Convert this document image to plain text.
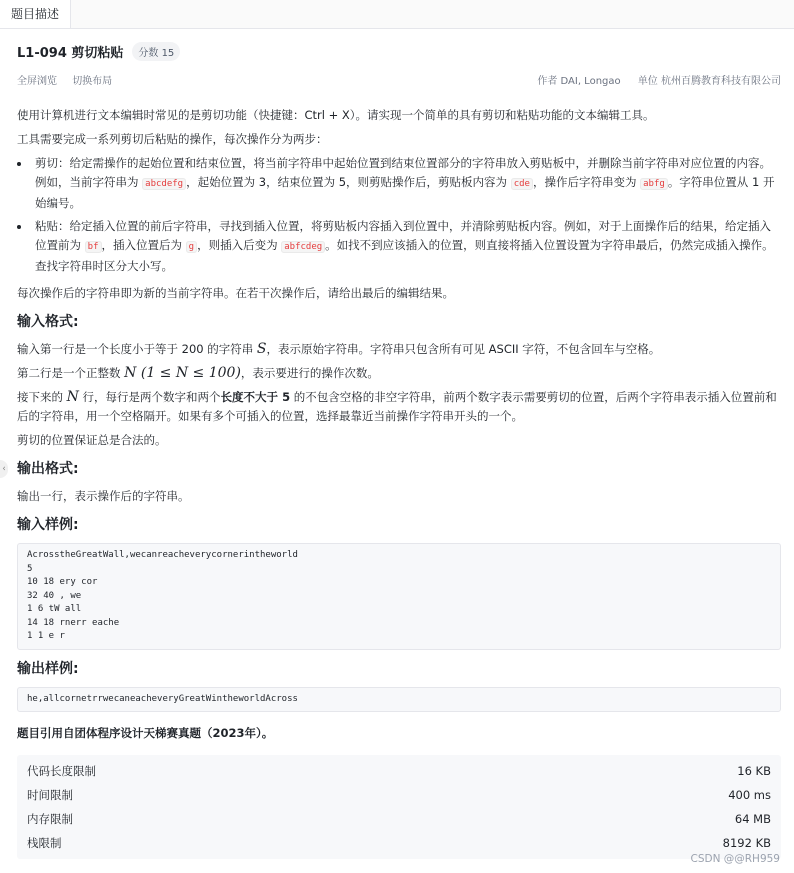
题目描述
‹
L1-094 剪切粘贴	分数 15
全屏浏览 切换布局	作者 DAI, Longao 单位 杭州百腾教育科技有限公司

使用计算机进行文本编辑时常见的是剪切功能（快捷键：Ctrl + X）。请实现一个简单的具有剪切和粘贴功能的文本编辑工具。

工具需要完成一系列剪切后粘贴的操作，每次操作分为两步：

• 剪切：给定需操作的起始位置和结束位置，将当前字符串中起始位置到结束位置部分的字符串放入剪贴板中，并删除当前字符串对应位置的内容。例如，当前字符串为 abcdefg ，起始位置为 3，结束位置为 5，则剪贴操作后，剪贴板内容为 cde ，操作后字符串变为 abfg 。字符串位置从 1 开始编号。
• 粘贴：给定插入位置的前后字符串，寻找到插入位置，将剪贴板内容插入到位置中，并清除剪贴板内容。例如，对于上面操作后的结果，给定插入位置前为 bf ，插入位置后为 g ，则插入后变为 abfcdeg 。如找不到应该插入的位置，则直接将插入位置设置为字符串最后，仍然完成插入操作。查找字符串时区分大小写。

每次操作后的字符串即为新的当前字符串。在若干次操作后，请给出最后的编辑结果。

输入格式:

输入第一行是一个长度小于等于 200 的字符串 S，表示原始字符串。字符串只包含所有可见 ASCII 字符，不包含回车与空格。

第二行是一个正整数 N (1 ≤ N ≤ 100)，表示要进行的操作次数。

接下来的 N 行，每行是两个数字和两个长度不大于 5 的不包含空格的非空字符串，前两个数字表示需要剪切的位置，后两个字符串表示插入位置前和后的字符串，用一个空格隔开。如果有多个可插入的位置，选择最靠近当前操作字符串开头的一个。

剪切的位置保证总是合法的。

输出格式:

输出一行，表示操作后的字符串。

输入样例:
AcrosstheGreatWall,wecanreacheverycornerintheworld
5
10 18 ery cor
32 40 , we
1 6 tW all
14 18 rnerr eache
1 1 e r
输出样例:
he,allcornetrrwecaneacheveryGreatWintheworldAcross
题目引用自团体程序设计天梯赛真题（2023年）。
代码长度限制	16 KB
时间限制	400 ms
内存限制	64 MB
栈限制	8192 KB
CSDN @@RH959
